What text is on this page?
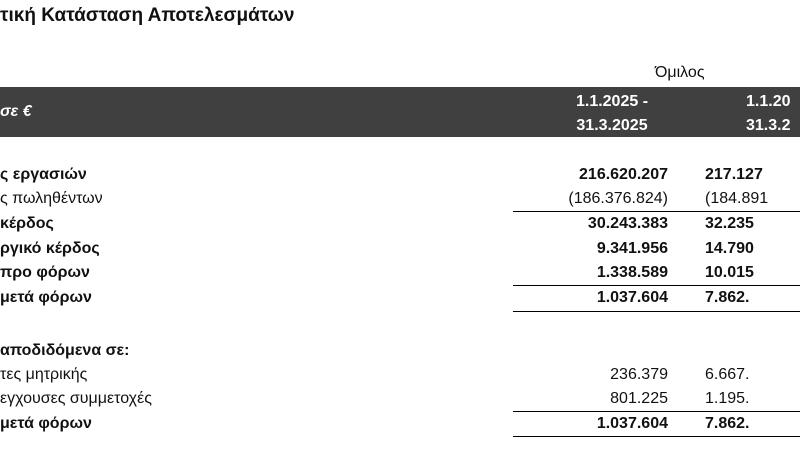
τική Κατάσταση Αποτελεσμάτων
Όμιλος
σε €
1.1.2025 -
31.3.2025
1.1.20
31.3.2
ς εργασιών	216.620.207 217.127
ς πωληθέντων	(186.376.824) (184.891
κέρδος	30.243.383 32.235
ργικό κέρδος	9.341.956 14.790
προ φόρων	1.338.589 10.015
μετά φόρων	1.037.604 7.862.
αποδιδόμενα σε:
τες μητρικής	236.379 6.667.
εγχουσες συμμετοχές	801.225 1.195.
μετά φόρων	1.037.604 7.862.
